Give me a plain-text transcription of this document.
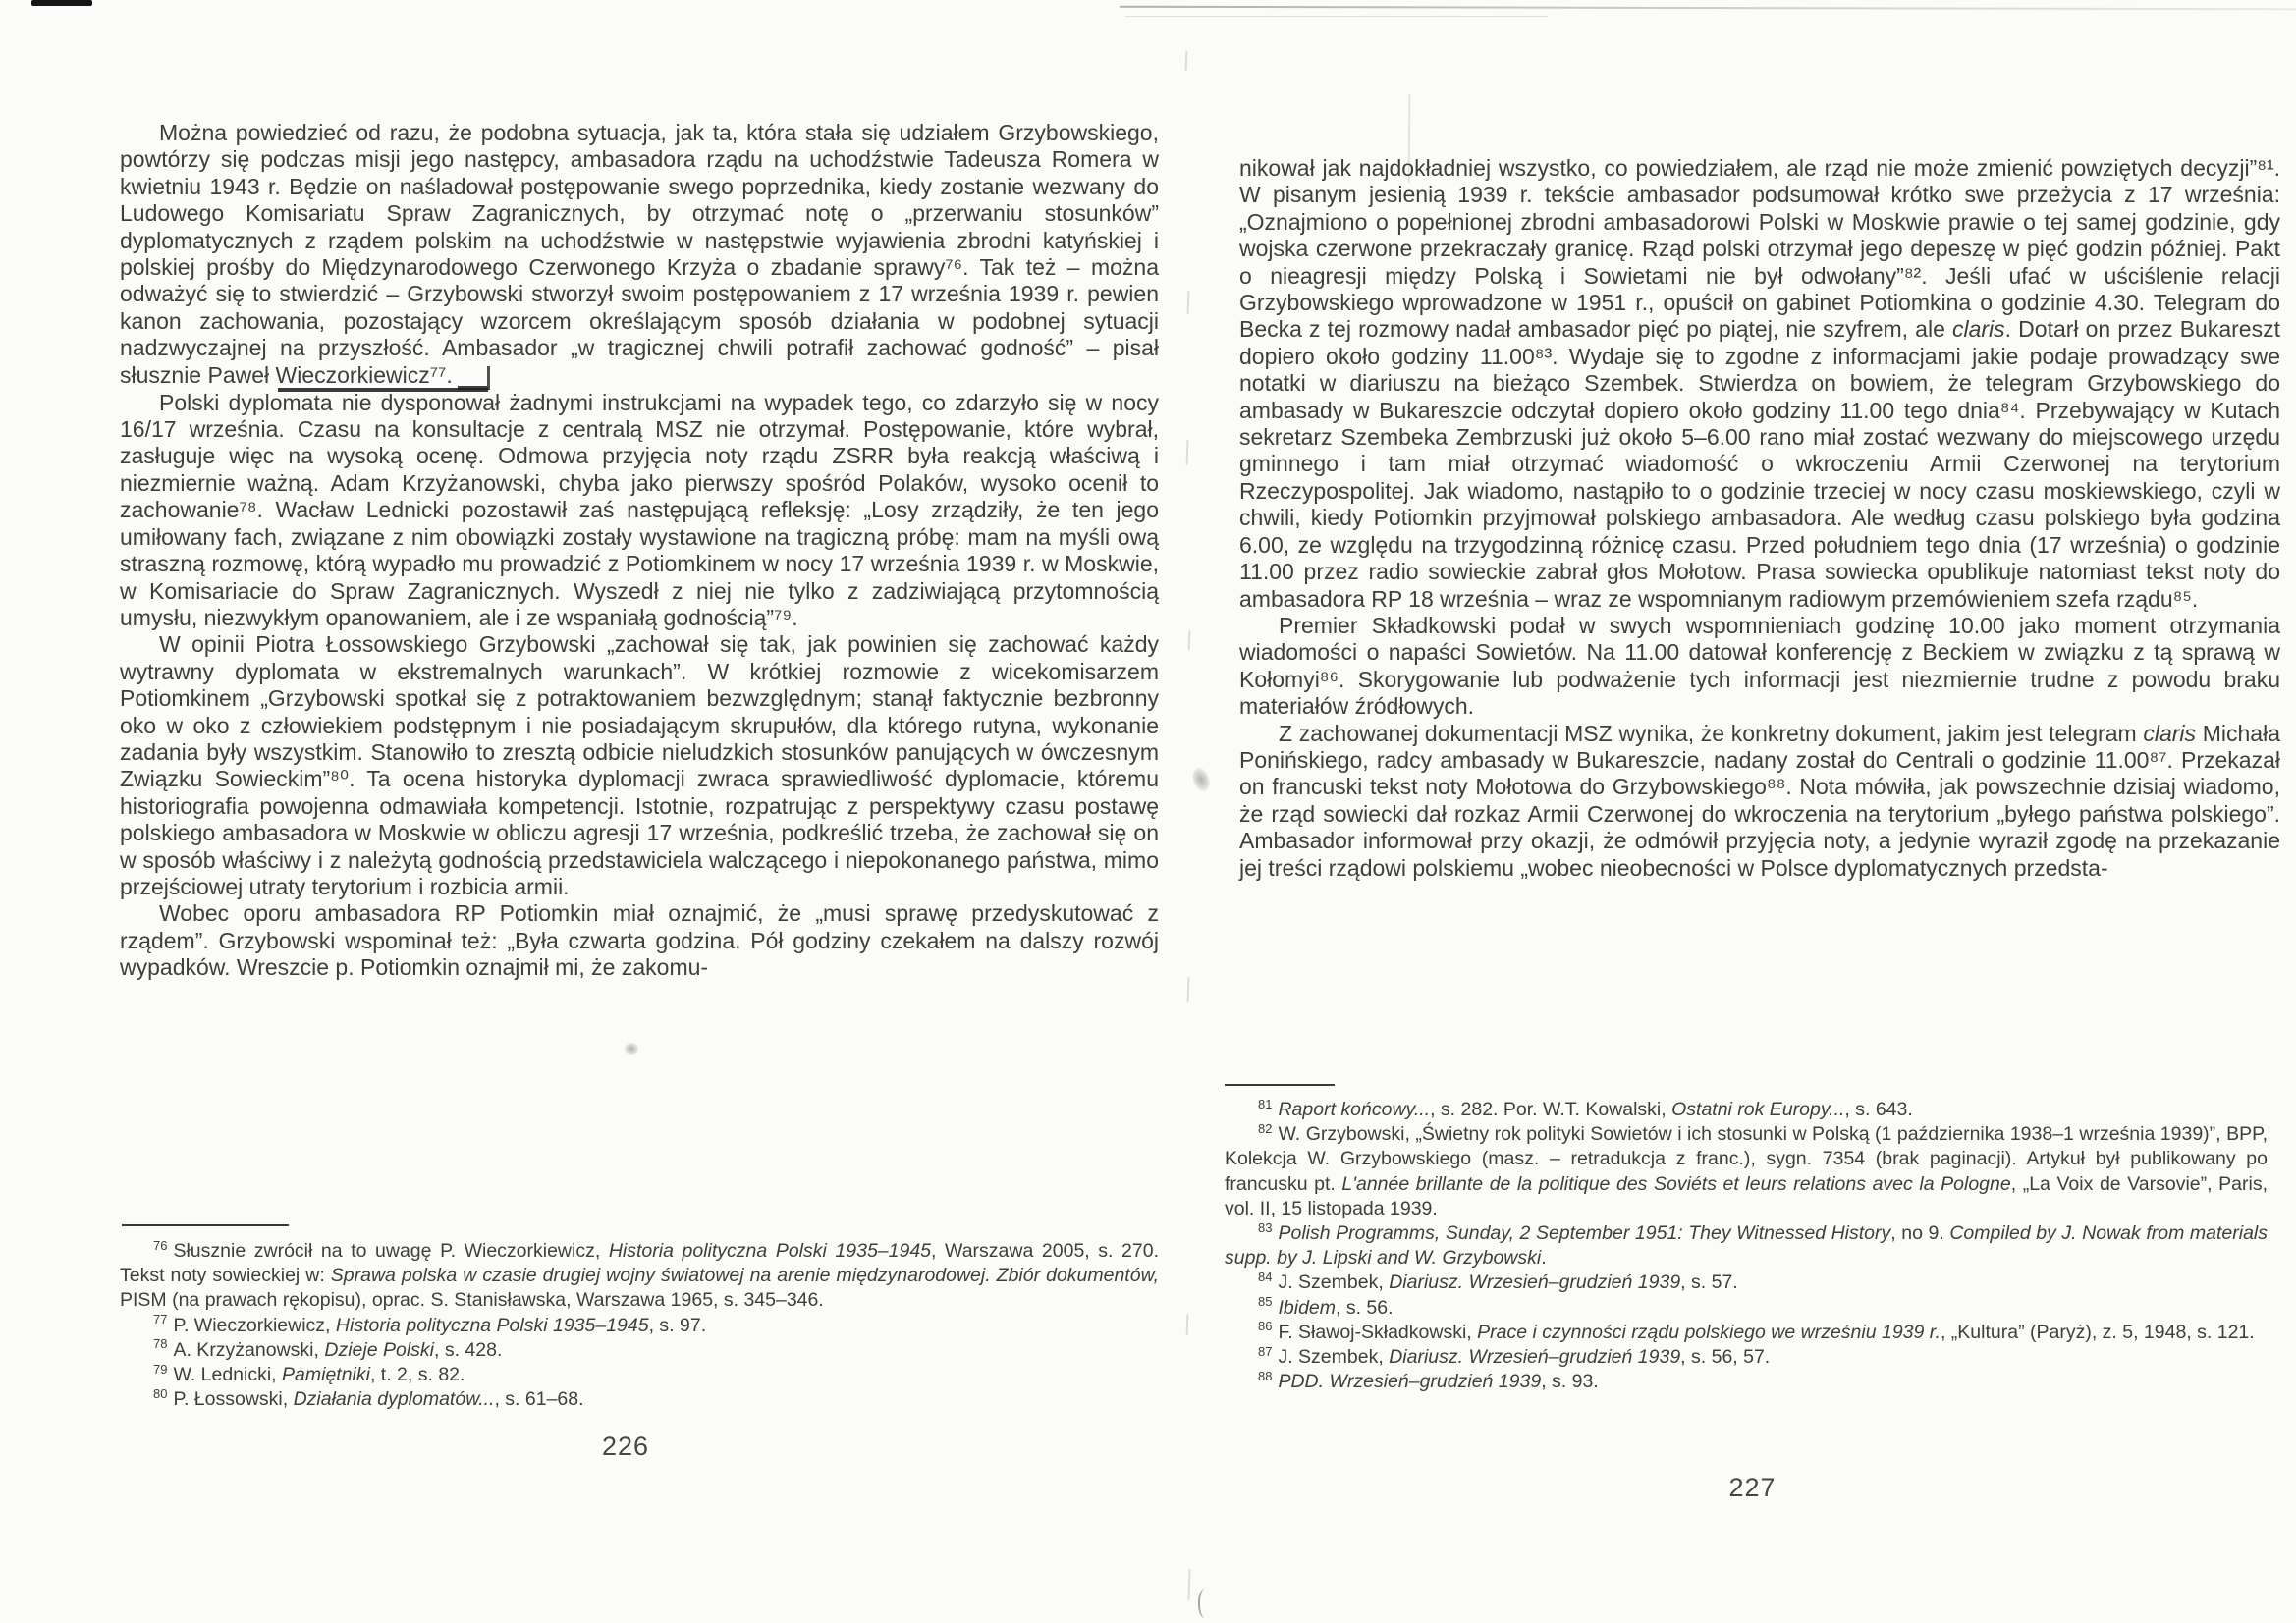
Można powiedzieć od razu, że podobna sytuacja, jak ta, która stała się udziałem Grzybowskiego, powtórzy się podczas misji jego następcy, ambasadora rządu na uchodźstwie Tadeusza Romera w kwietniu 1943 r. Będzie on naśladował postępowanie swego poprzednika, kiedy zostanie wezwany do Ludowego Komisariatu Spraw Zagranicznych, by otrzymać notę o „przerwaniu stosunków” dyplomatycznych z rządem polskim na uchodźstwie w następstwie wyjawienia zbrodni katyńskiej i polskiej prośby do Międzynarodowego Czerwonego Krzyża o zbadanie sprawy⁷⁶. Tak też – można odważyć się to stwierdzić – Grzybowski stworzył swoim postępowaniem z 17 września 1939 r. pewien kanon zachowania, pozostający wzorcem określającym sposób działania w podobnej sytuacji nadzwyczajnej na przyszłość. Ambasador „w tragicznej chwili potrafił zachować godność” – pisał słusznie Paweł Wieczorkiewicz⁷⁷.

Polski dyplomata nie dysponował żadnymi instrukcjami na wypadek tego, co zdarzyło się w nocy 16/17 września. Czasu na konsultacje z centralą MSZ nie otrzymał. Postępowanie, które wybrał, zasługuje więc na wysoką ocenę. Odmowa przyjęcia noty rządu ZSRR była reakcją właściwą i niezmiernie ważną. Adam Krzyżanowski, chyba jako pierwszy spośród Polaków, wysoko ocenił to zachowanie⁷⁸. Wacław Lednicki pozostawił zaś następującą refleksję: „Losy zrządziły, że ten jego umiłowany fach, związane z nim obowiązki zostały wystawione na tragiczną próbę: mam na myśli ową straszną rozmowę, którą wypadło mu prowadzić z Potiomkinem w nocy 17 września 1939 r. w Moskwie, w Komisariacie do Spraw Zagranicznych. Wyszedł z niej nie tylko z zadziwiającą przytomnością umysłu, niezwykłym opanowaniem, ale i ze wspaniałą godnością”⁷⁹.

W opinii Piotra Łossowskiego Grzybowski „zachował się tak, jak powinien się zachować każdy wytrawny dyplomata w ekstremalnych warunkach”. W krótkiej rozmowie z wicekomisarzem Potiomkinem „Grzybowski spotkał się z potraktowaniem bezwzględnym; stanął faktycznie bezbronny oko w oko z człowiekiem podstępnym i nie posiadającym skrupułów, dla którego rutyna, wykonanie zadania były wszystkim. Stanowiło to zresztą odbicie nieludzkich stosunków panujących w ówczesnym Związku Sowieckim”⁸⁰. Ta ocena historyka dyplomacji zwraca sprawiedliwość dyplomacie, któremu historiografia powojenna odmawiała kompetencji. Istotnie, rozpatrując z perspektywy czasu postawę polskiego ambasadora w Moskwie w obliczu agresji 17 września, podkreślić trzeba, że zachował się on w sposób właściwy i z należytą godnością przedstawiciela walczącego i niepokonanego państwa, mimo przejściowej utraty terytorium i rozbicia armii.

Wobec oporu ambasadora RP Potiomkin miał oznajmić, że „musi sprawę przedyskutować z rządem”. Grzybowski wspominał też: „Była czwarta godzina. Pół godziny czekałem na dalszy rozwój wypadków. Wreszcie p. Potiomkin oznajmił mi, że zakomu-

$^{76}$ Słusznie zwrócił na to uwagę P. Wieczorkiewicz, Historia polityczna Polski 1935–1945, Warszawa 2005, s. 270. Tekst noty sowieckiej w: Sprawa polska w czasie drugiej wojny światowej na arenie międzynarodowej. Zbiór dokumentów, PISM (na prawach rękopisu), oprac. S. Stanisławska, Warszawa 1965, s. 345–346.

$^{77}$ P. Wieczorkiewicz, Historia polityczna Polski 1935–1945, s. 97.

$^{78}$ A. Krzyżanowski, Dzieje Polski, s. 428.

$^{79}$ W. Lednicki, Pamiętniki, t. 2, s. 82.

$^{80}$ P. Łossowski, Działania dyplomatów..., s. 61–68.

226

nikował jak najdokładniej wszystko, co powiedziałem, ale rząd nie może zmienić powziętych decyzji”⁸¹. W pisanym jesienią 1939 r. tekście ambasador podsumował krótko swe przeżycia z 17 września: „Oznajmiono o popełnionej zbrodni ambasadorowi Polski w Moskwie prawie o tej samej godzinie, gdy wojska czerwone przekraczały granicę. Rząd polski otrzymał jego depeszę w pięć godzin później. Pakt o nieagresji między Polską i Sowietami nie był odwołany”⁸². Jeśli ufać w uściślenie relacji Grzybowskiego wprowadzone w 1951 r., opuścił on gabinet Potiomkina o godzinie 4.30. Telegram do Becka z tej rozmowy nadał ambasador pięć po piątej, nie szyfrem, ale claris. Dotarł on przez Bukareszt dopiero około godziny 11.00⁸³. Wydaje się to zgodne z informacjami jakie podaje prowadzący swe notatki w diariuszu na bieżąco Szembek. Stwierdza on bowiem, że telegram Grzybowskiego do ambasady w Bukareszcie odczytał dopiero około godziny 11.00 tego dnia⁸⁴. Przebywający w Kutach sekretarz Szembeka Zembrzuski już około 5–6.00 rano miał zostać wezwany do miejscowego urzędu gminnego i tam miał otrzymać wiadomość o wkroczeniu Armii Czerwonej na terytorium Rzeczypospolitej. Jak wiadomo, nastąpiło to o godzinie trzeciej w nocy czasu moskiewskiego, czyli w chwili, kiedy Potiomkin przyjmował polskiego ambasadora. Ale według czasu polskiego była godzina 6.00, ze względu na trzygodzinną różnicę czasu. Przed południem tego dnia (17 września) o godzinie 11.00 przez radio sowieckie zabrał głos Mołotow. Prasa sowiecka opublikuje natomiast tekst noty do ambasadora RP 18 września – wraz ze wspomnianym radiowym przemówieniem szefa rządu⁸⁵.

Premier Składkowski podał w swych wspomnieniach godzinę 10.00 jako moment otrzymania wiadomości o napaści Sowietów. Na 11.00 datował konferencję z Beckiem w związku z tą sprawą w Kołomyi⁸⁶. Skorygowanie lub podważenie tych informacji jest niezmiernie trudne z powodu braku materiałów źródłowych.

Z zachowanej dokumentacji MSZ wynika, że konkretny dokument, jakim jest telegram claris Michała Ponińskiego, radcy ambasady w Bukareszcie, nadany został do Centrali o godzinie 11.00⁸⁷. Przekazał on francuski tekst noty Mołotowa do Grzybowskiego⁸⁸. Nota mówiła, jak powszechnie dzisiaj wiadomo, że rząd sowiecki dał rozkaz Armii Czerwonej do wkroczenia na terytorium „byłego państwa polskiego”. Ambasador informował przy okazji, że odmówił przyjęcia noty, a jedynie wyraził zgodę na przekazanie jej treści rządowi polskiemu „wobec nieobecności w Polsce dyplomatycznych przedsta-

$^{81}$ Raport końcowy..., s. 282. Por. W.T. Kowalski, Ostatni rok Europy..., s. 643.

$^{82}$ W. Grzybowski, „Świetny rok polityki Sowietów i ich stosunki w Polską (1 października 1938–1 września 1939)”, BPP, Kolekcja W. Grzybowskiego (masz. – retradukcja z franc.), sygn. 7354 (brak paginacji). Artykuł był publikowany po francusku pt. L'année brillante de la politique des Soviéts et leurs relations avec la Pologne, „La Voix de Varsovie”, Paris, vol. II, 15 listopada 1939.

$^{83}$ Polish Programms, Sunday, 2 September 1951: They Witnessed History, no 9. Compiled by J. Nowak from materials supp. by J. Lipski and W. Grzybowski.

$^{84}$ J. Szembek, Diariusz. Wrzesień–grudzień 1939, s. 57.

$^{85}$ Ibidem, s. 56.

$^{86}$ F. Sławoj-Składkowski, Prace i czynności rządu polskiego we wrześniu 1939 r., „Kultura” (Paryż), z. 5, 1948, s. 121.

$^{87}$ J. Szembek, Diariusz. Wrzesień–grudzień 1939, s. 56, 57.

$^{88}$ PDD. Wrzesień–grudzień 1939, s. 93.

227
